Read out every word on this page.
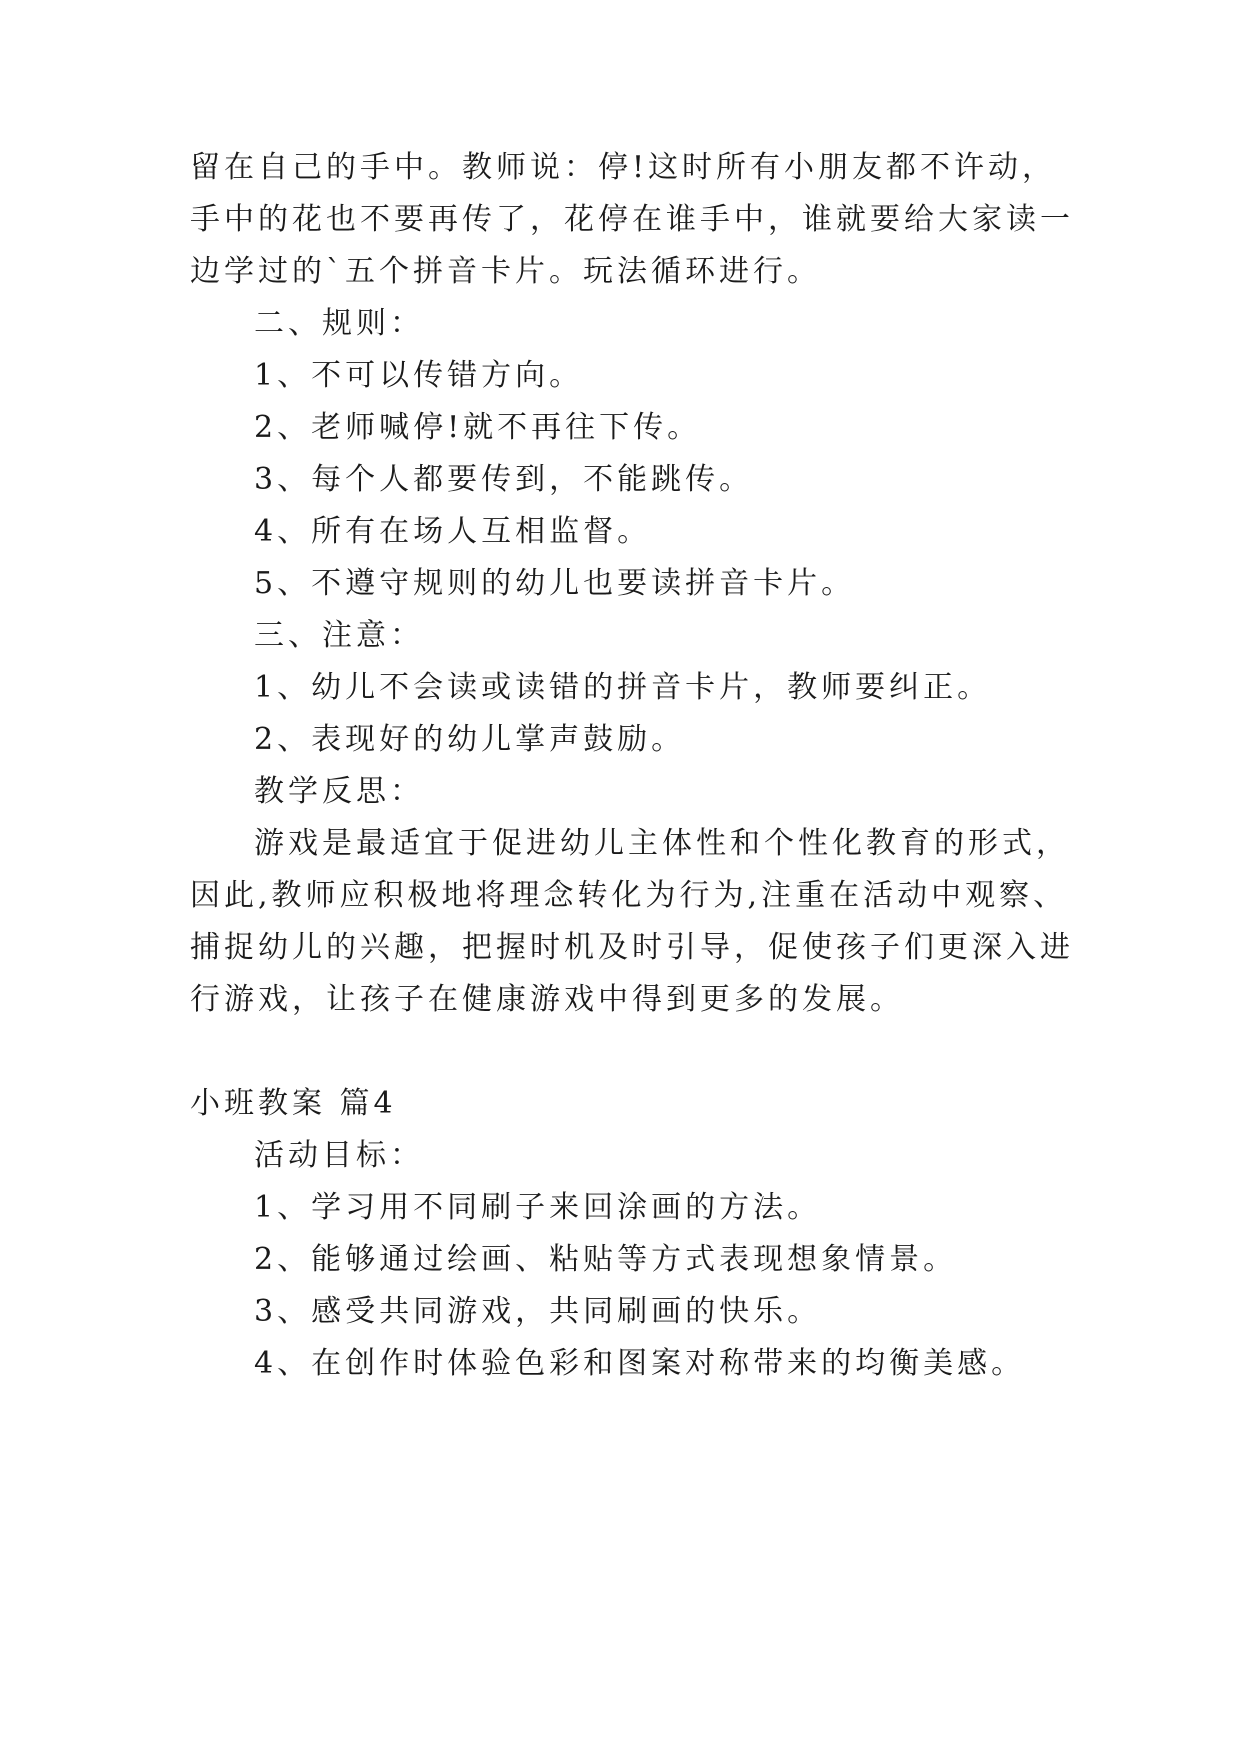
留在自己的手中。教师说：停!这时所有小朋友都不许动，

手中的花也不要再传了，花停在谁手中，谁就要给大家读一

边学过的`五个拼音卡片。玩法循环进行。

二、规则：

1、不可以传错方向。

2、老师喊停!就不再往下传。

3、每个人都要传到，不能跳传。

4、所有在场人互相监督。

5、不遵守规则的幼儿也要读拼音卡片。

三、注意：

1、幼儿不会读或读错的拼音卡片，教师要纠正。

2、表现好的幼儿掌声鼓励。

教学反思：

游戏是最适宜于促进幼儿主体性和个性化教育的形式，

因此,教师应积极地将理念转化为行为,注重在活动中观察、

捕捉幼儿的兴趣，把握时机及时引导，促使孩子们更深入进

行游戏，让孩子在健康游戏中得到更多的发展。

小班教案 篇4

活动目标：

1、学习用不同刷子来回涂画的方法。

2、能够通过绘画、粘贴等方式表现想象情景。

3、感受共同游戏，共同刷画的快乐。

4、在创作时体验色彩和图案对称带来的均衡美感。
